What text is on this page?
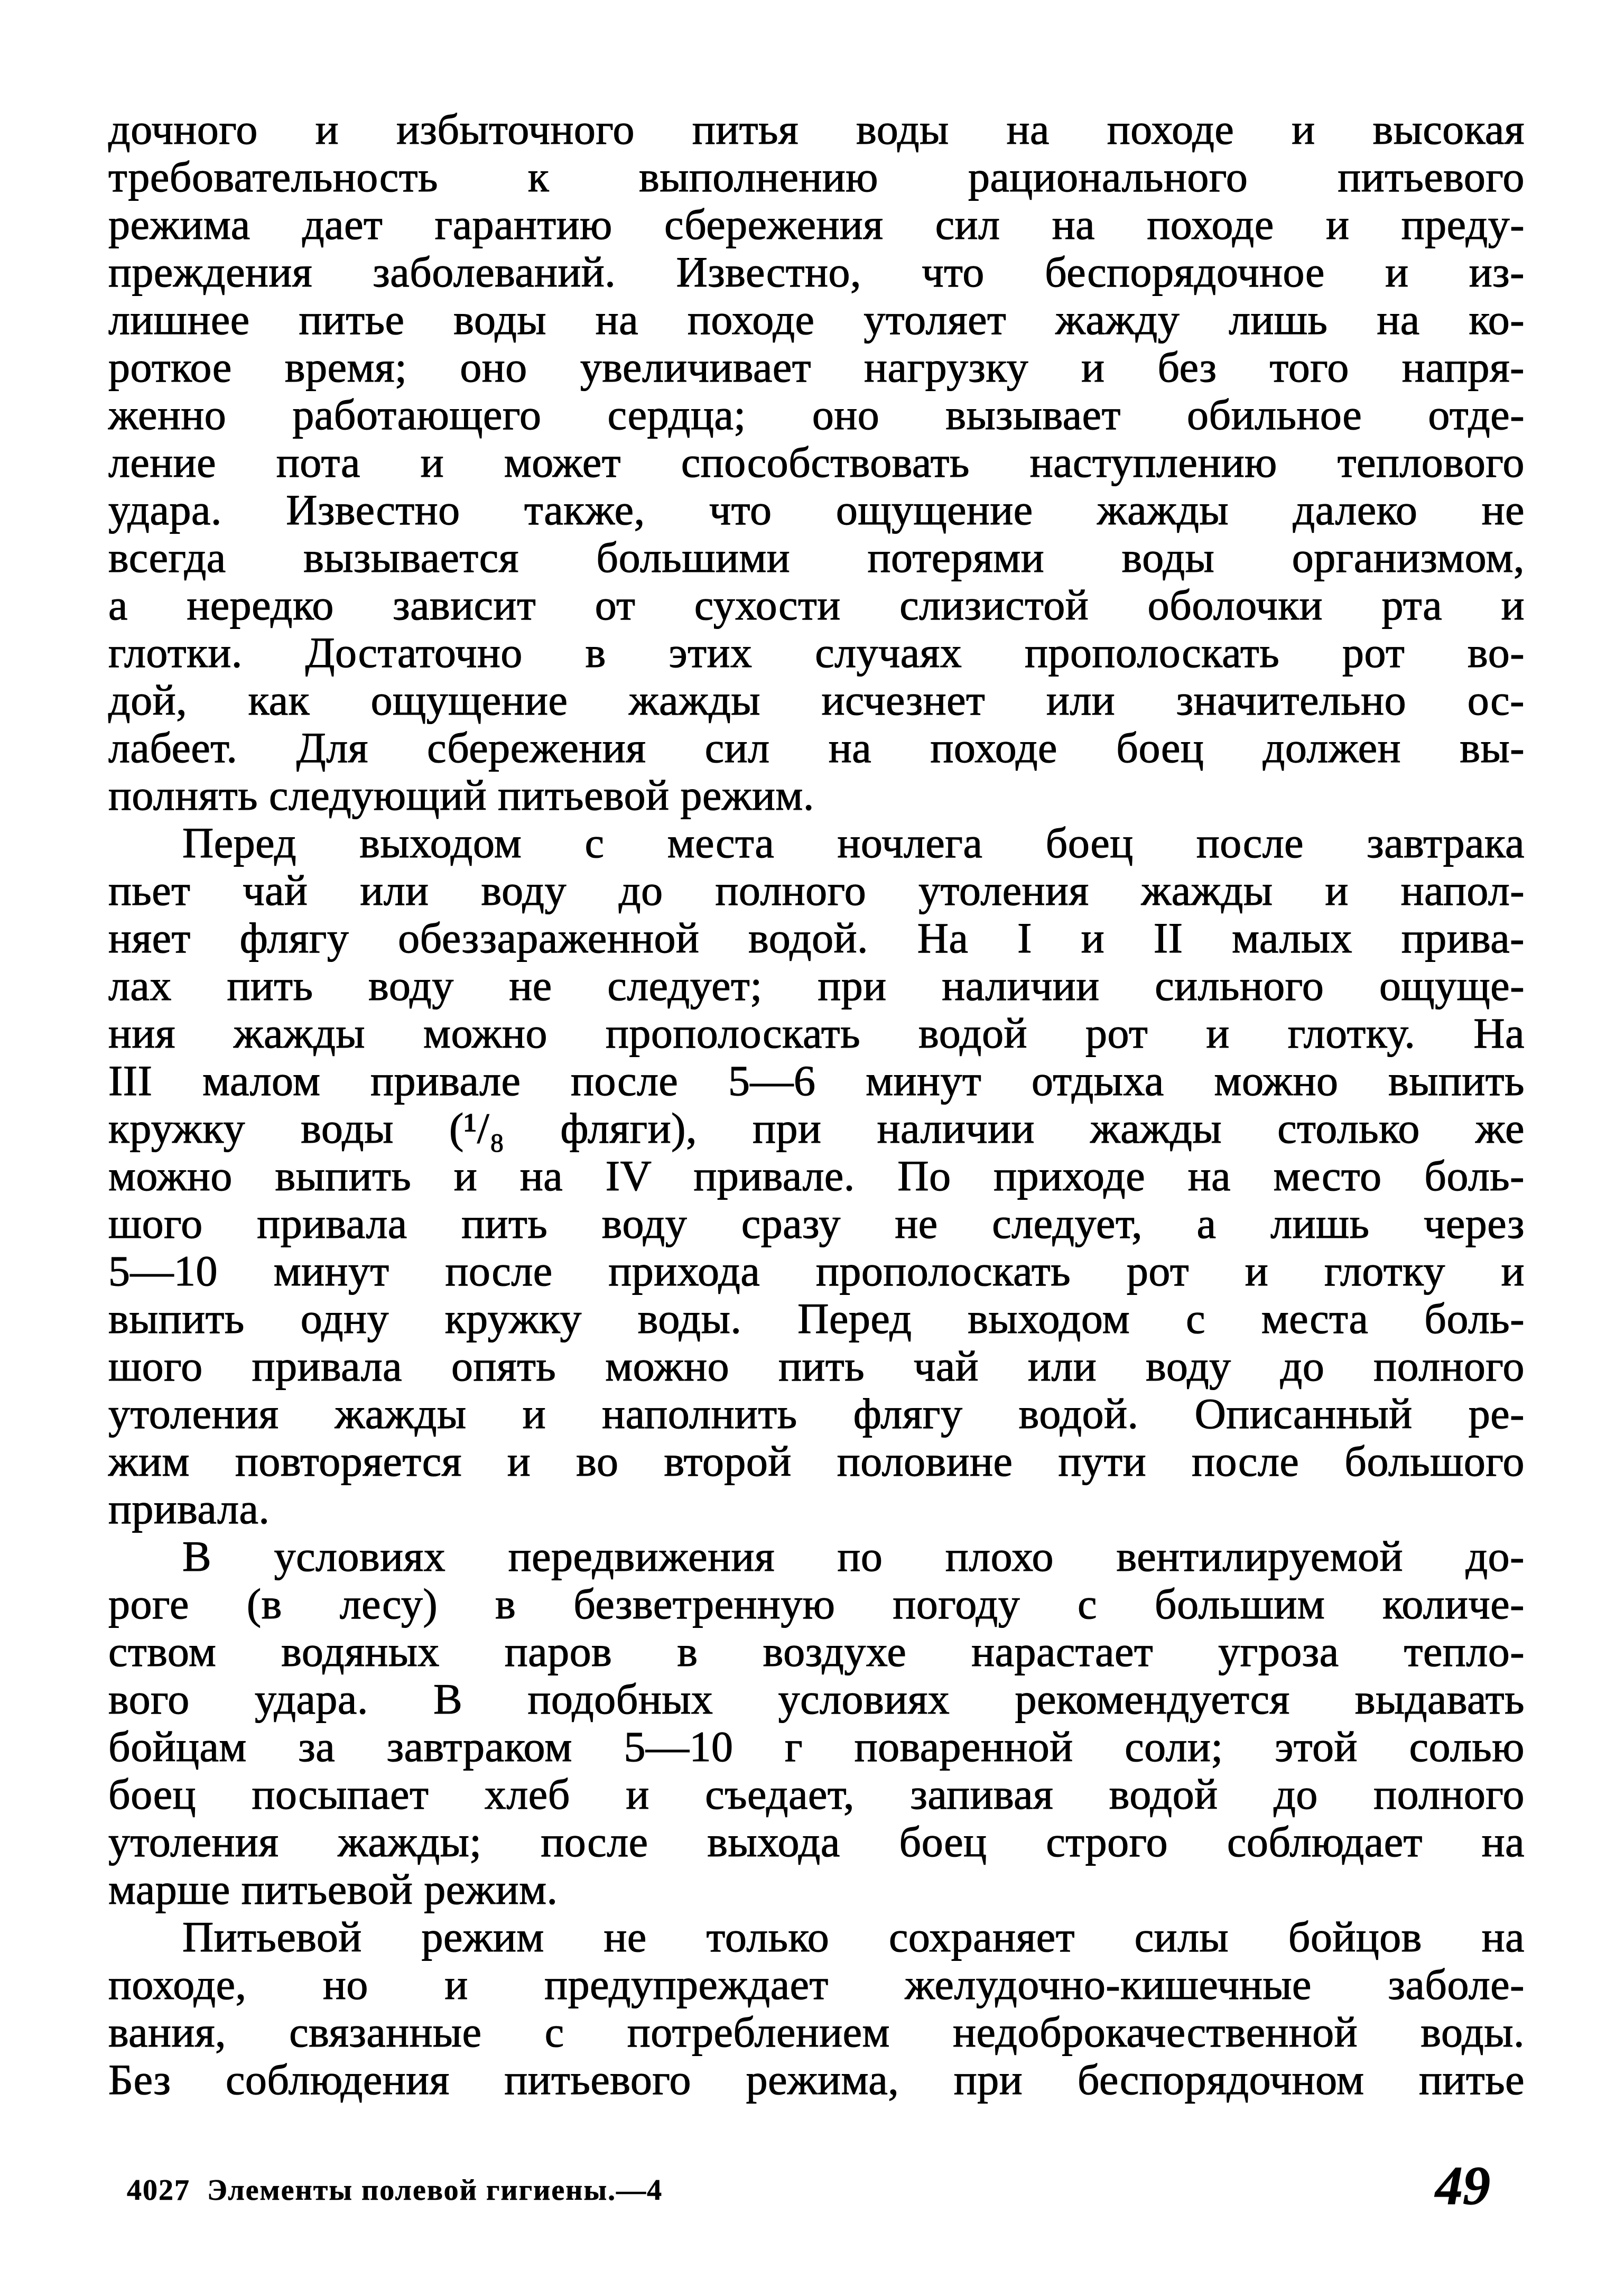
дочного и избыточного питья воды на походе и высокая
требовательность к выполнению рационального питьевого
режима дает гарантию сбережения сил на походе и преду-
преждения заболеваний. Известно, что беспорядочное и из-
лишнее питье воды на походе утоляет жажду лишь на ко-
роткое время; оно увеличивает нагрузку и без того напря-
женно работающего сердца; оно вызывает обильное отде-
ление пота и может способствовать наступлению теплового
удара. Известно также, что ощущение жажды далеко не
всегда вызывается большими потерями воды организмом,
а нередко зависит от сухости слизистой оболочки рта и
глотки. Достаточно в этих случаях прополоскать рот во-
дой, как ощущение жажды исчезнет или значительно ос-
лабеет. Для сбережения сил на походе боец должен вы-
полнять следующий питьевой режим.
Перед выходом с места ночлега боец после завтрака
пьет чай или воду до полного утоления жажды и напол-
няет флягу обеззараженной водой. На I и II малых прива-
лах пить воду не следует; при наличии сильного ощуще-
ния жажды можно прополоскать водой рот и глотку. На
III малом привале после 5—6 минут отдыха можно выпить
кружку воды (¹/₈ фляги), при наличии жажды столько же
можно выпить и на IV привале. По приходе на место боль-
шого привала пить воду сразу не следует, а лишь через
5—10 минут после прихода прополоскать рот и глотку и
выпить одну кружку воды. Перед выходом с места боль-
шого привала опять можно пить чай или воду до полного
утоления жажды и наполнить флягу водой. Описанный ре-
жим повторяется и во второй половине пути после большого
привала.
В условиях передвижения по плохо вентилируемой до-
роге (в лесу) в безветренную погоду с большим количе-
ством водяных паров в воздухе нарастает угроза тепло-
вого удара. В подобных условиях рекомендуется выдавать
бойцам за завтраком 5—10 г поваренной соли; этой солью
боец посыпает хлеб и съедает, запивая водой до полного
утоления жажды; после выхода боец строго соблюдает на
марше питьевой режим.
Питьевой режим не только сохраняет силы бойцов на
походе, но и предупреждает желудочно-кишечные заболе-
вания, связанные с потреблением недоброкачественной воды.
Без соблюдения питьевого режима, при беспорядочном питье
4027  Элементы полевой гигиены.—4	49
